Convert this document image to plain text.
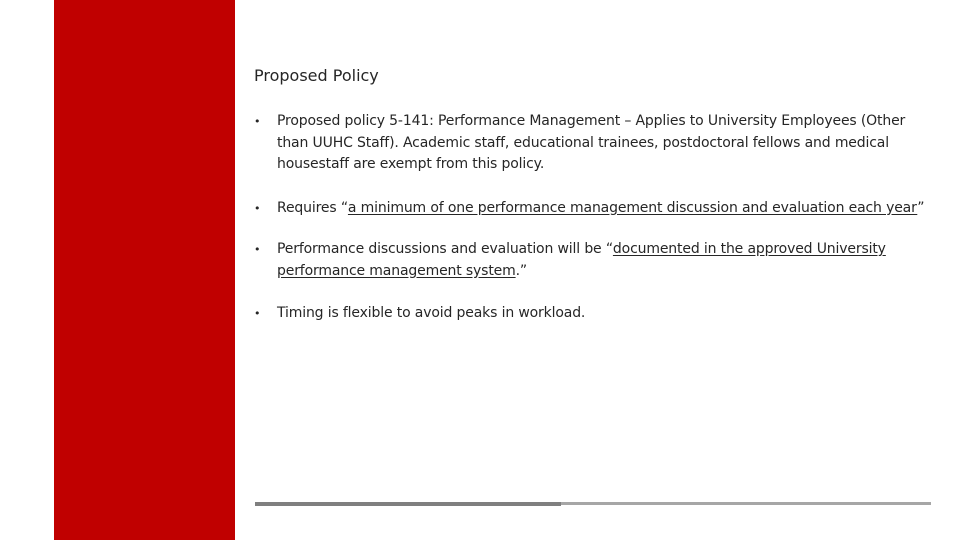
Proposed Policy
• Proposed policy 5-141: Performance Management – Applies to University Employees (Other than UUHC Staff). Academic staff, educational trainees, postdoctoral fellows and medical housestaff are exempt from this policy.
• Requires “a minimum of one performance management discussion and evaluation each year”
• Performance discussions and evaluation will be “documented in the approved University performance management system.”
• Timing is flexible to avoid peaks in workload.
